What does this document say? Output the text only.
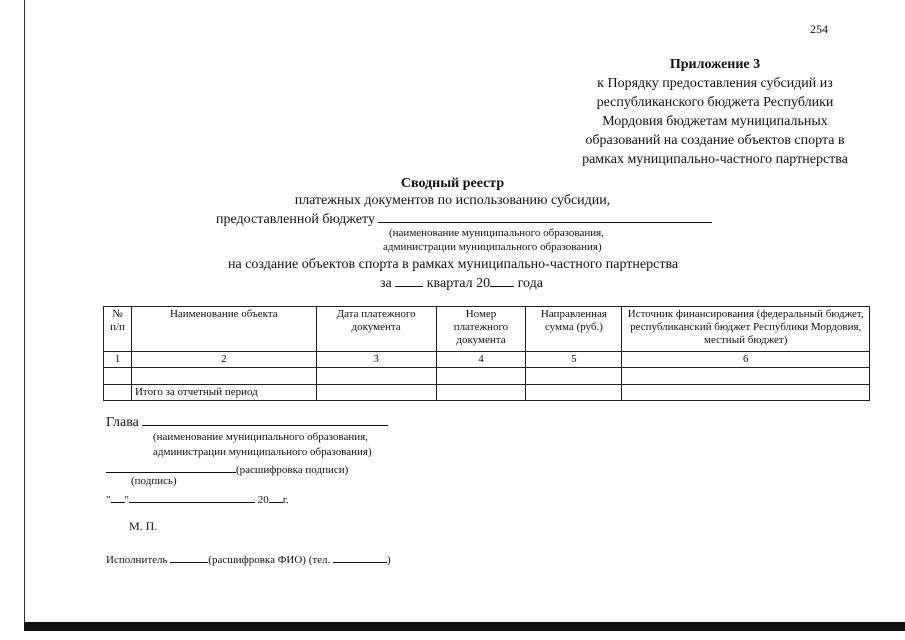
254
Приложение 3
к Порядку предоставления субсидий из
республиканского бюджета Республики
Мордовия бюджетам муниципальных
образований на создание объектов спорта в
рамках муниципально-частного партнерства
Сводный реестр
платежных документов по использованию субсидии,
предоставленной бюджету
(наименование муниципального образования,
администрации муниципального образования)
на создание объектов спорта в рамках муниципально-частного партнерства
за	квартал 20 года
№ п/п	Наименование объекта	Дата платежного документа	Номер платежного документа	Направленная сумма (руб.)	Источник финансирования (федеральный бюджет, республиканский бюджет Республики Мордовия, местный бюджет)
1	2	3	4	5	6

	Итого за отчетный период				
Глава
(наименование муниципального образования,
администрации муниципального образования)
(расшифровка подписи)
(подпись)
" "	20 г.
М. П.
Исполнитель	(расшифровка ФИО) (тел.	)
